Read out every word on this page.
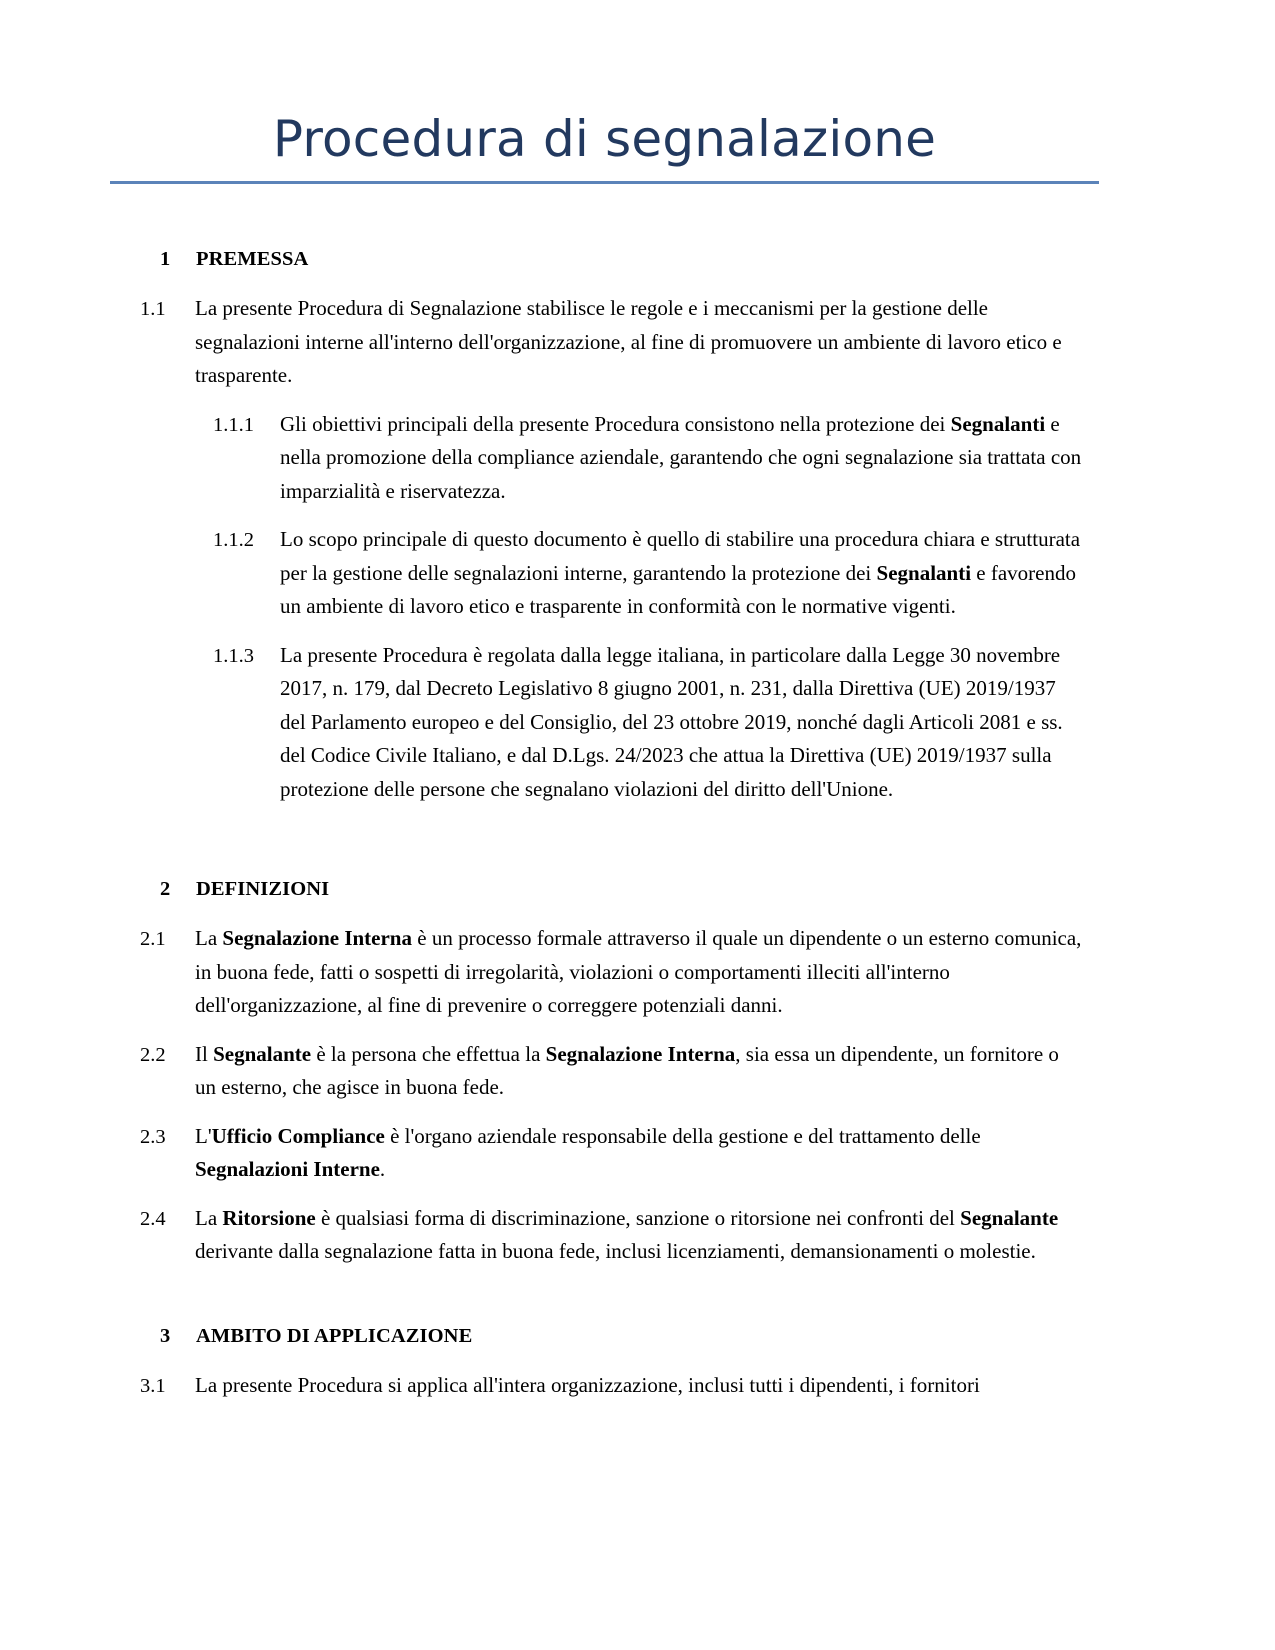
Procedura di segnalazione
1	PREMESSA
1.1	La presente Procedura di Segnalazione stabilisce le regole e i meccanismi per la gestione delle segnalazioni interne all'interno dell'organizzazione, al fine di promuovere un ambiente di lavoro etico e trasparente.
1.1.1	Gli obiettivi principali della presente Procedura consistono nella protezione dei Segnalanti e nella promozione della compliance aziendale, garantendo che ogni segnalazione sia trattata con imparzialità e riservatezza.
1.1.2	Lo scopo principale di questo documento è quello di stabilire una procedura chiara e strutturata per la gestione delle segnalazioni interne, garantendo la protezione dei Segnalanti e favorendo un ambiente di lavoro etico e trasparente in conformità con le normative vigenti.
1.1.3	La presente Procedura è regolata dalla legge italiana, in particolare dalla Legge 30 novembre 2017, n. 179, dal Decreto Legislativo 8 giugno 2001, n. 231, dalla Direttiva (UE) 2019/1937 del Parlamento europeo e del Consiglio, del 23 ottobre 2019, nonché dagli Articoli 2081 e ss. del Codice Civile Italiano, e dal D.Lgs. 24/2023 che attua la Direttiva (UE) 2019/1937 sulla protezione delle persone che segnalano violazioni del diritto dell'Unione.
2	DEFINIZIONI
2.1	La Segnalazione Interna è un processo formale attraverso il quale un dipendente o un esterno comunica, in buona fede, fatti o sospetti di irregolarità, violazioni o comportamenti illeciti all'interno dell'organizzazione, al fine di prevenire o correggere potenziali danni.
2.2	Il Segnalante è la persona che effettua la Segnalazione Interna, sia essa un dipendente, un fornitore o un esterno, che agisce in buona fede.
2.3	L'Ufficio Compliance è l'organo aziendale responsabile della gestione e del trattamento delle Segnalazioni Interne.
2.4	La Ritorsione è qualsiasi forma di discriminazione, sanzione o ritorsione nei confronti del Segnalante derivante dalla segnalazione fatta in buona fede, inclusi licenziamenti, demansionamenti o molestie.
3	AMBITO DI APPLICAZIONE
3.1	La presente Procedura si applica all'intera organizzazione, inclusi tutti i dipendenti, i fornitori
